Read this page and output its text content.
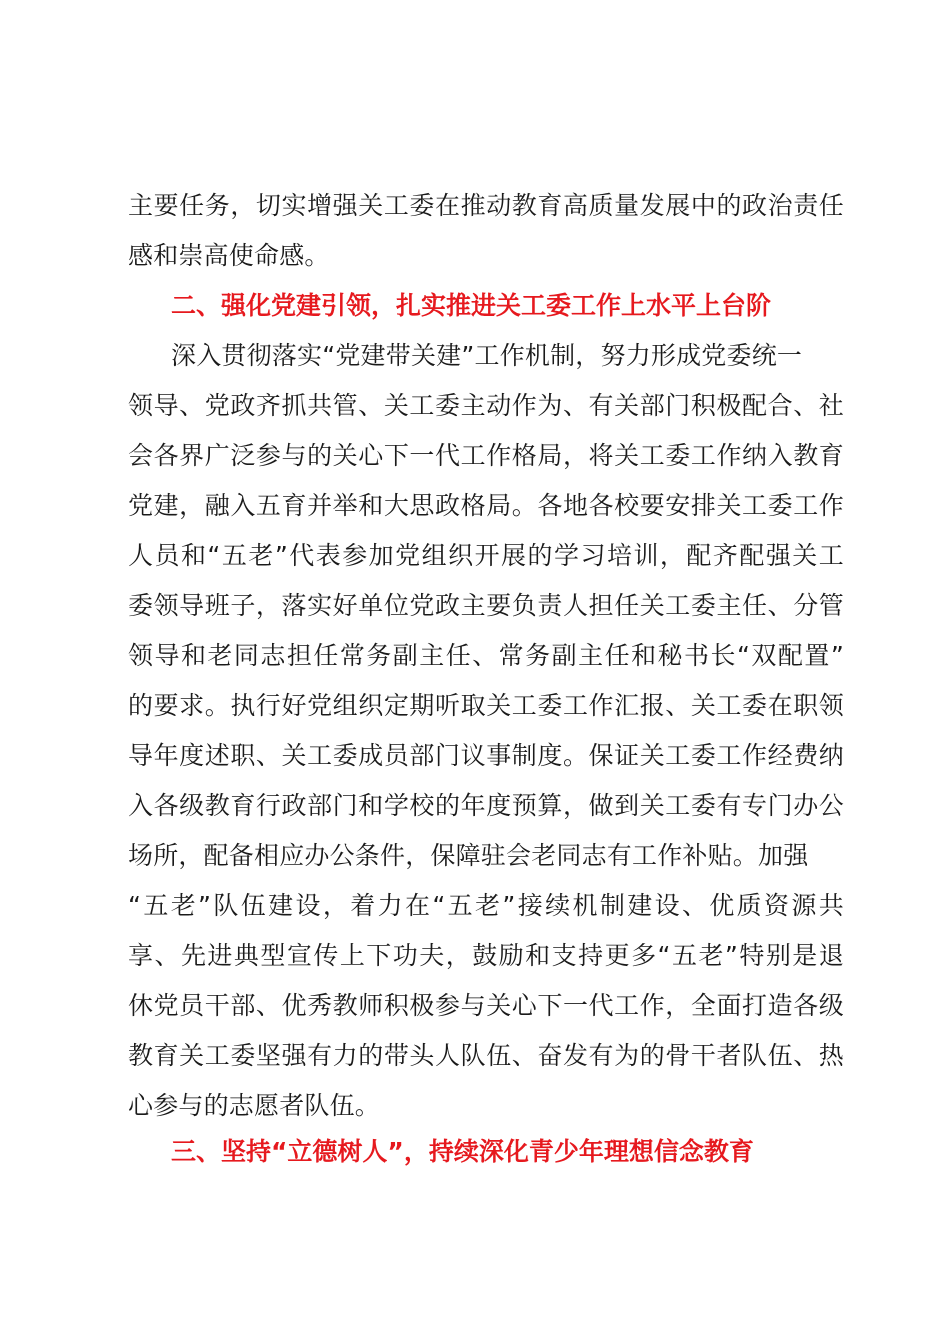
主要任务，切实增强关工委在推动教育高质量发展中的政治责任
感和崇高使命感。
二、强化党建引领，扎实推进关工委工作上水平上台阶
深入贯彻落实“党建带关建”工作机制，努力形成党委统一
领导、党政齐抓共管、关工委主动作为、有关部门积极配合、社
会各界广泛参与的关心下一代工作格局，将关工委工作纳入教育
党建，融入五育并举和大思政格局。各地各校要安排关工委工作
人员和“五老”代表参加党组织开展的学习培训，配齐配强关工
委领导班子，落实好单位党政主要负责人担任关工委主任、分管
领导和老同志担任常务副主任、常务副主任和秘书长“双配置”
的要求。执行好党组织定期听取关工委工作汇报、关工委在职领
导年度述职、关工委成员部门议事制度。保证关工委工作经费纳
入各级教育行政部门和学校的年度预算，做到关工委有专门办公
场所，配备相应办公条件，保障驻会老同志有工作补贴。加强
“五老”队伍建设，着力在“五老”接续机制建设、优质资源共
享、先进典型宣传上下功夫，鼓励和支持更多“五老”特别是退
休党员干部、优秀教师积极参与关心下一代工作，全面打造各级
教育关工委坚强有力的带头人队伍、奋发有为的骨干者队伍、热
心参与的志愿者队伍。
三、坚持“立德树人”，持续深化青少年理想信念教育
